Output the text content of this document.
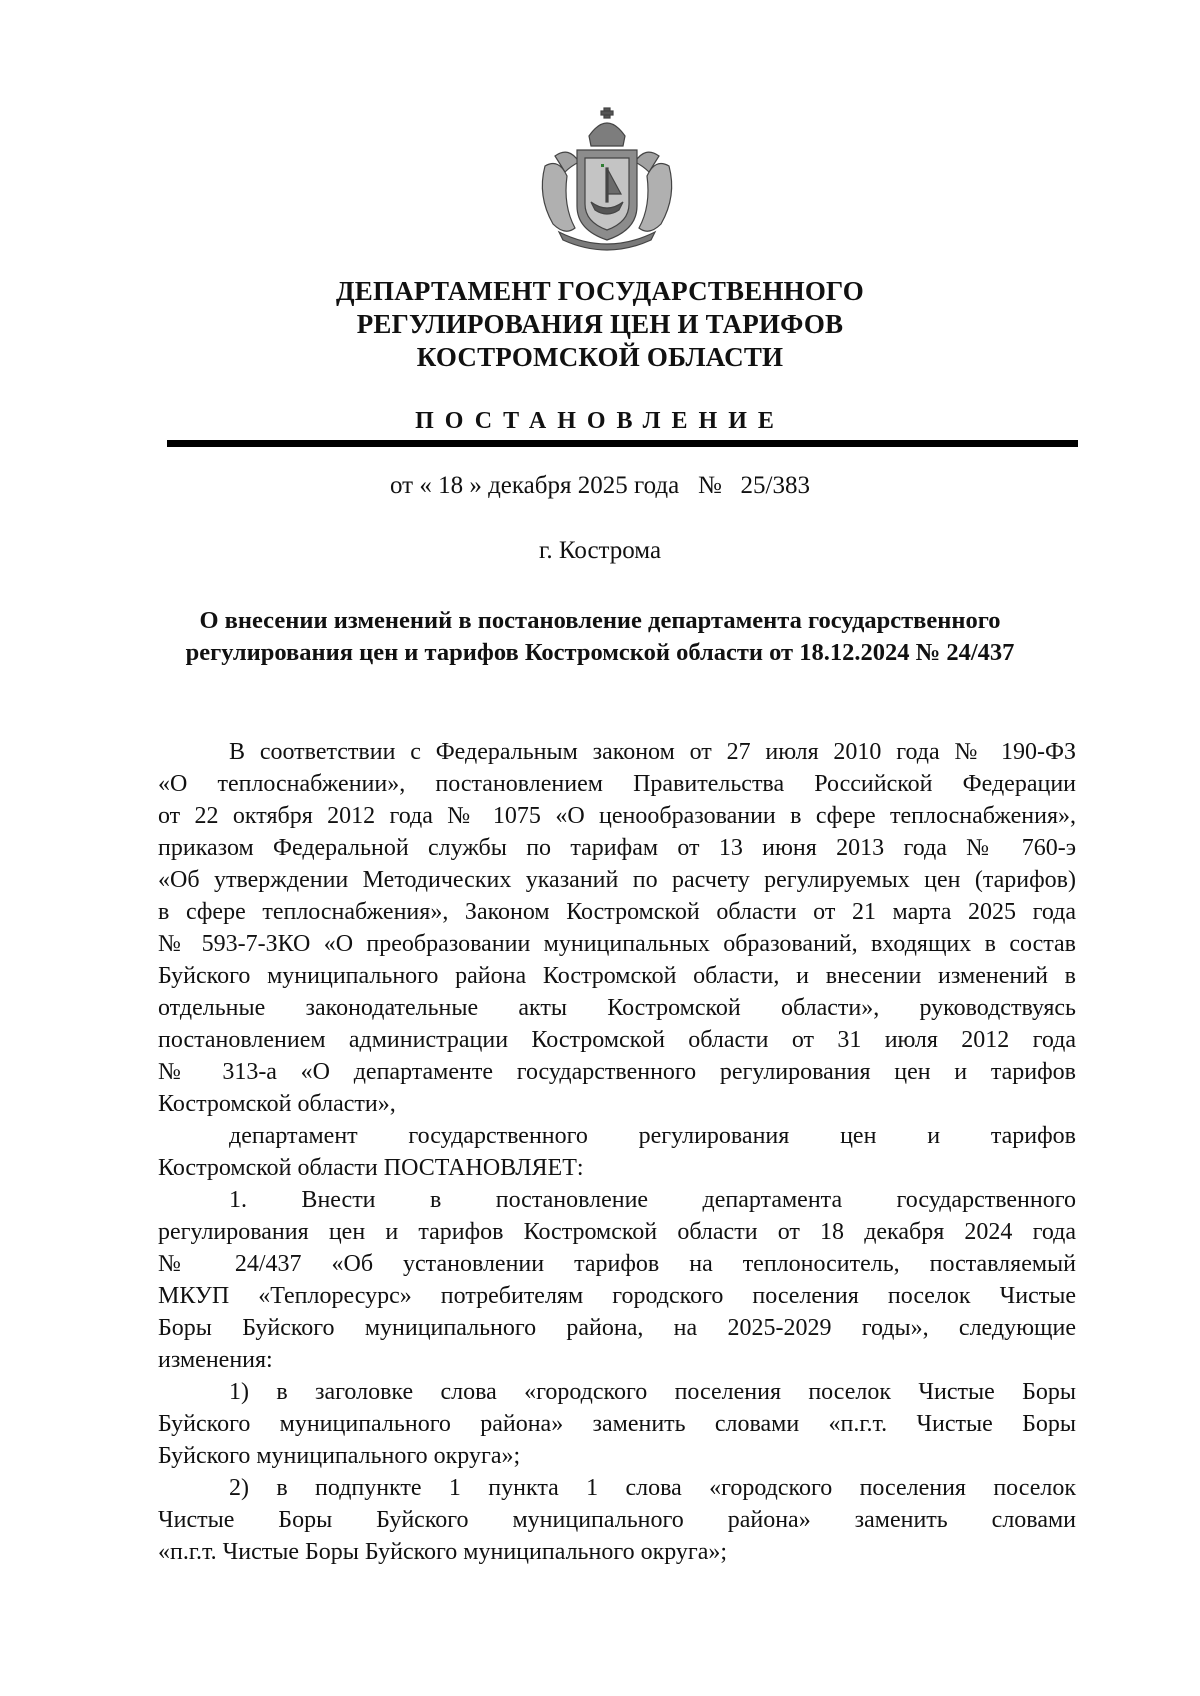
ДЕПАРТАМЕНТ ГОСУДАРСТВЕННОГО
РЕГУЛИРОВАНИЯ ЦЕН И ТАРИФОВ
КОСТРОМСКОЙ ОБЛАСТИ
ПОСТАНОВЛЕНИЕ
от « 18 » декабря 2025 года   №   25/383
г. Кострома
О внесении изменений в постановление департамента государственного
регулирования цен и тарифов Костромской области от 18.12.2024 № 24/437
В соответствии с Федеральным законом от 27 июля 2010 года № 190-ФЗ
«О теплоснабжении», постановлением Правительства Российской Федерации
от 22 октября 2012 года № 1075 «О ценообразовании в сфере теплоснабжения»,
приказом Федеральной службы по тарифам от 13 июня 2013 года № 760-э
«Об утверждении Методических указаний по расчету регулируемых цен (тарифов)
в сфере теплоснабжения», Законом Костромской области от 21 марта 2025 года
№ 593-7-ЗКО «О преобразовании муниципальных образований, входящих в состав
Буйского муниципального района Костромской области, и внесении изменений в
отдельные законодательные акты Костромской области», руководствуясь
постановлением администрации Костромской области от 31 июля 2012 года
№ 313-а «О департаменте государственного регулирования цен и тарифов
Костромской области»,
департамент государственного регулирования цен и тарифов
Костромской области ПОСТАНОВЛЯЕТ:
1. Внести в постановление департамента государственного
регулирования цен и тарифов Костромской области от 18 декабря 2024 года
№ 24/437 «Об установлении тарифов на теплоноситель, поставляемый
МКУП «Теплоресурс» потребителям городского поселения поселок Чистые
Боры Буйского муниципального района, на 2025-2029 годы», следующие
изменения:
1) в заголовке слова «городского поселения поселок Чистые Боры
Буйского муниципального района» заменить словами «п.г.т. Чистые Боры
Буйского муниципального округа»;
2) в подпункте 1 пункта 1 слова «городского поселения поселок
Чистые Боры Буйского муниципального района» заменить словами
«п.г.т. Чистые Боры Буйского муниципального округа»;
